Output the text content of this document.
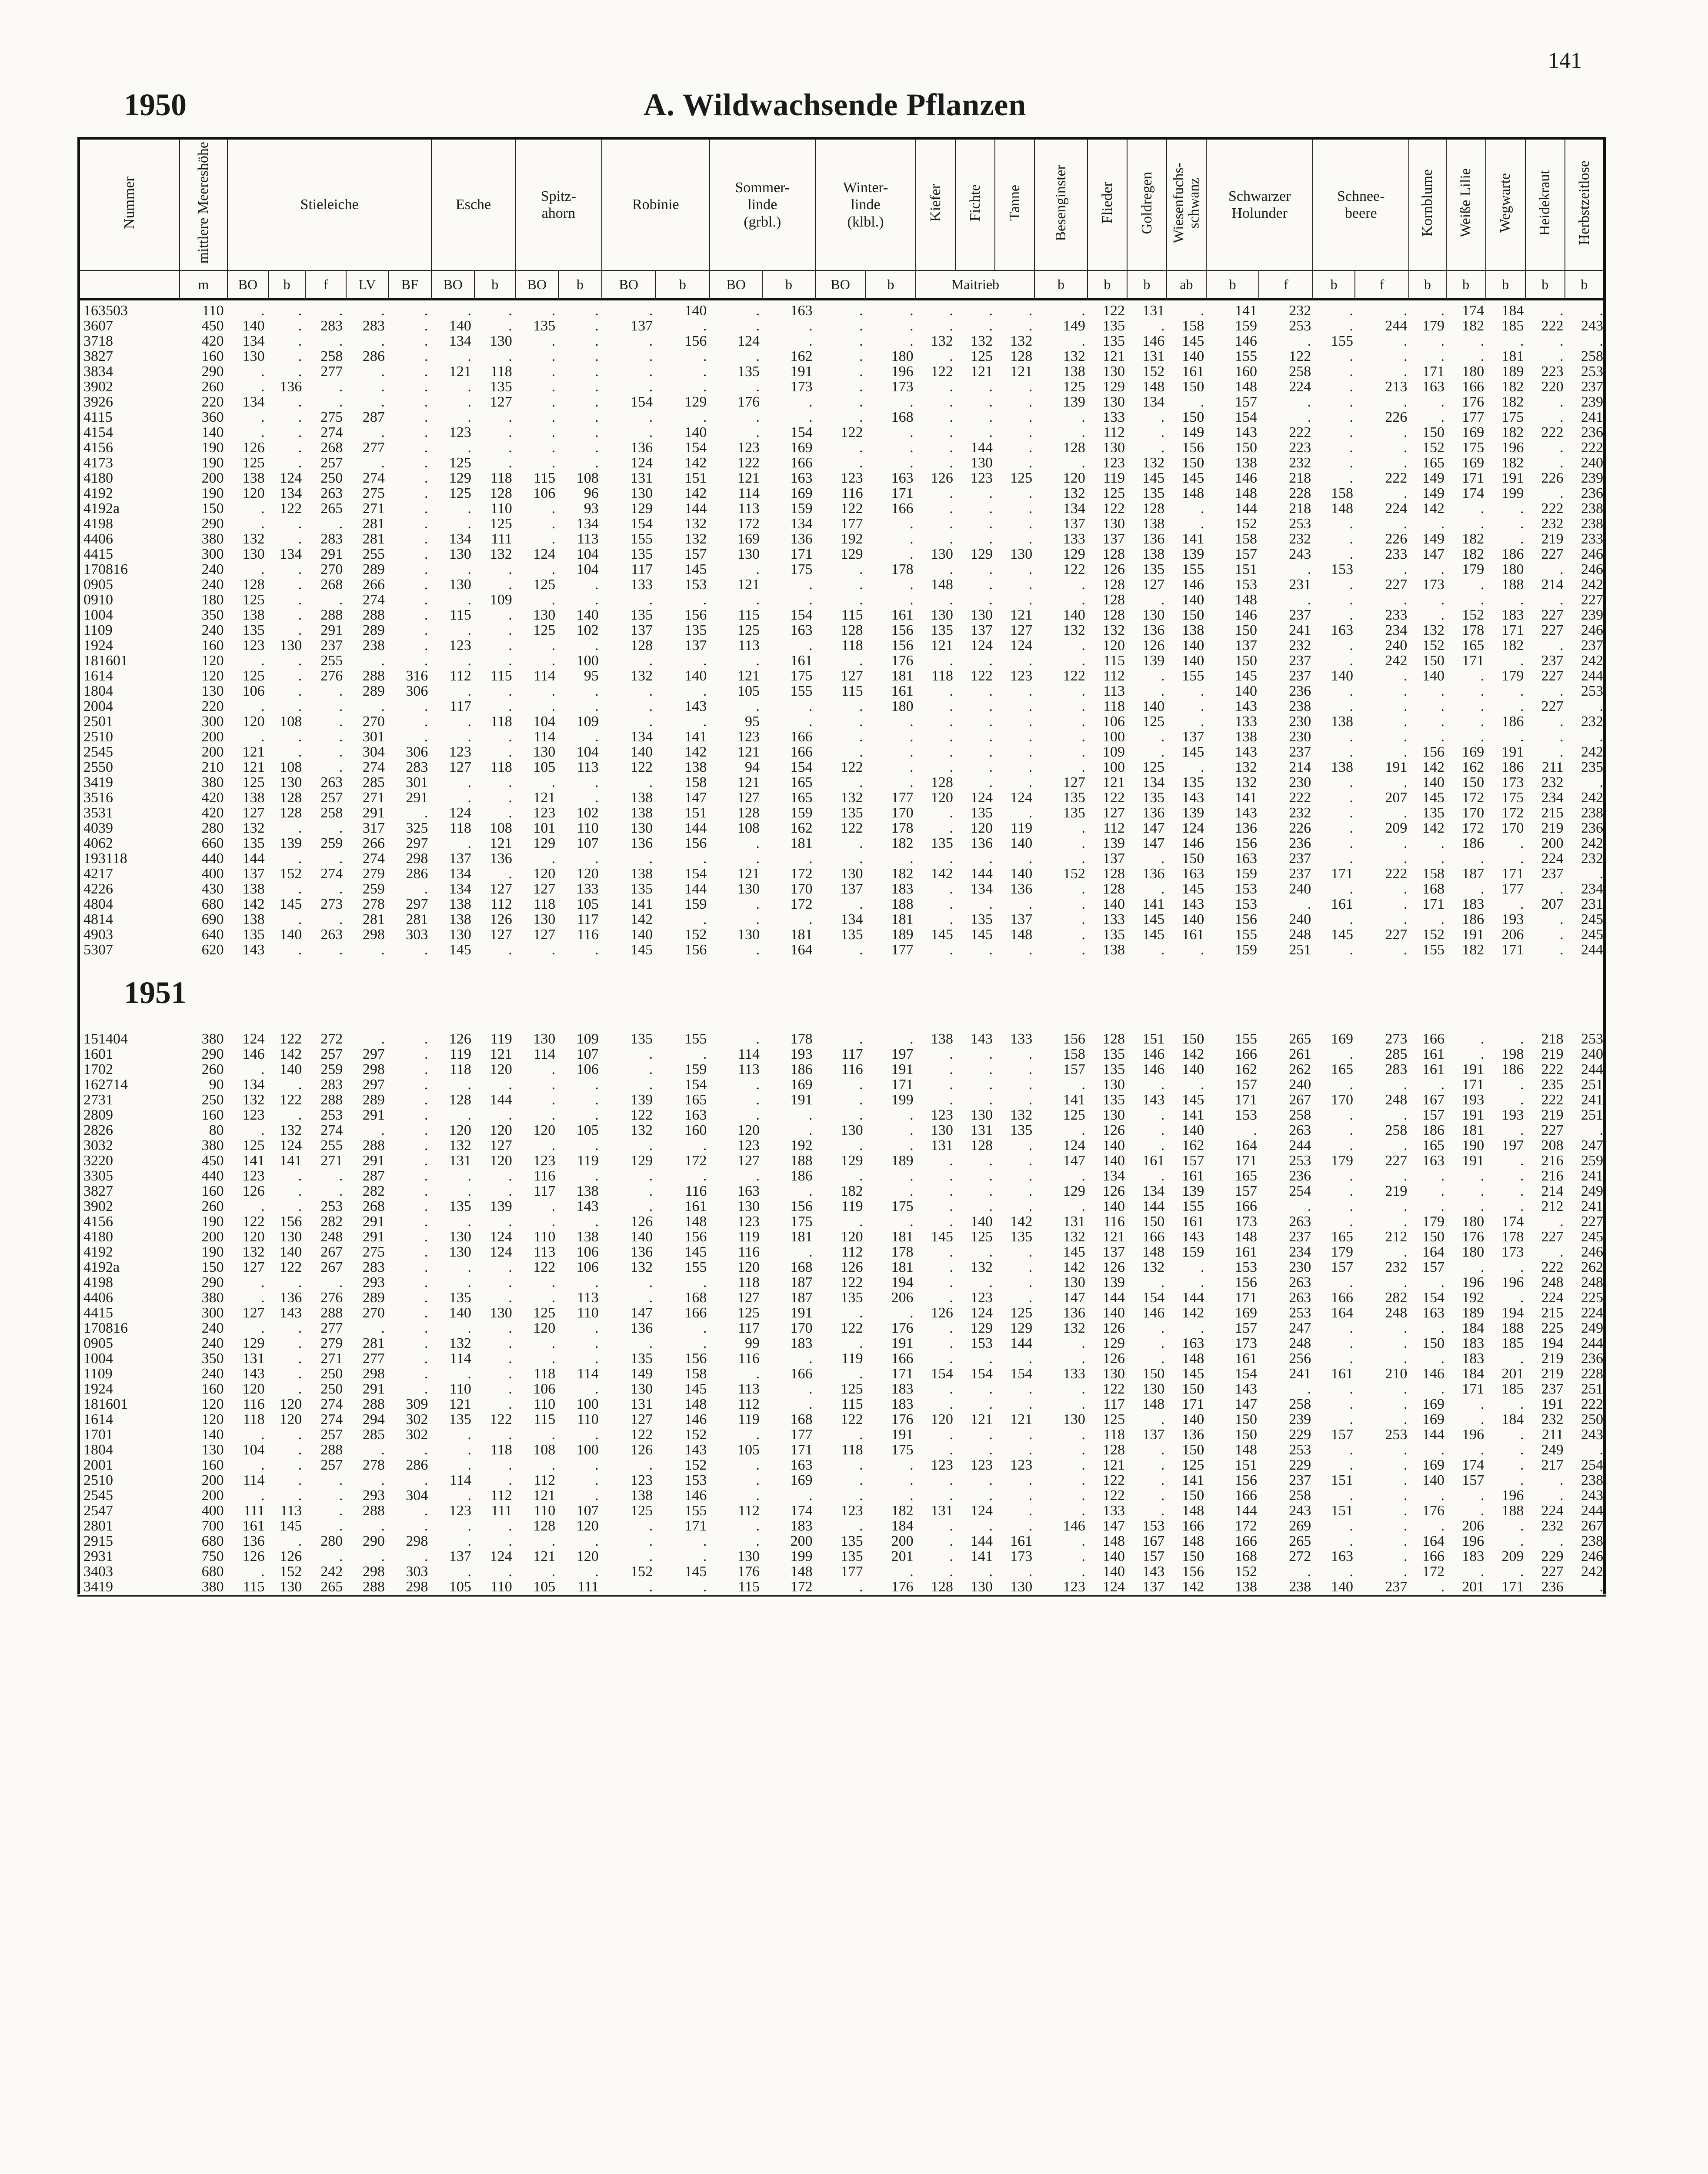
141
1950	A. Wildwachsende Pflanzen
Nummer	mittlere Meereshöhe	Stieleiche					Esche		Spitz-
ahorn		Robinie		Sommer-
linde
(grbl.)		Winter-
linde
(klbl.)		Kiefer	Fichte	Tanne	Besenginster	Flieder	Goldregen	Wiesenfuchs-
schwanz	Schwarzer
Holunder		Schnee-
beere		Kornblume	Weiße Lilie	Wegwarte	Heidekraut	Herbstzeitlose
	m	BO	b	f	LV	BF	BO	b	BO	b	BO	b	BO	b	BO	b	Maitrieb			b	b	b	ab	b	f	b	f	b	b	b	b	b
163503	110	.	.	.	.	.	.	.	.	.	.	140	.	163	.	.	.	.	.	.	122	131	.	141	232	.	.	.	174	184	.	.
3607	450	140	.	283	283	.	140	.	135	.	137	.	.	.	.	.	.	.	.	149	135	.	158	159	253	.	244	179	182	185	222	243
3718	420	134	.	.	.	.	134	130	.	.	.	156	124	.	.	.	132	132	132	.	135	146	145	146	.	155	.	.	.	.	.	.
3827	160	130	.	258	286	.	.	.	.	.	.	.	.	162	.	180	.	125	128	132	121	131	140	155	122	.	.	.	.	181	.	258
3834	290	.	.	277	.	.	121	118	.	.	.	.	135	191	.	196	122	121	121	138	130	152	161	160	258	.	.	171	180	189	223	253
3902	260	.	136	.	.	.	.	135	.	.	.	.	.	173	.	173	.	.	.	125	129	148	150	148	224	.	213	163	166	182	220	237
3926	220	134	.	.	.	.	.	127	.	.	154	129	176	.	.	.	.	.	.	139	130	134	.	157	.	.	.	.	176	182	.	239
4115	360	.	.	275	287	.	.	.	.	.	.	.	.	.	.	168	.	.	.	.	133	.	150	154	.	.	226	.	177	175	.	241
4154	140	.	.	274	.	.	123	.	.	.	.	140	.	154	122	.	.	.	.	.	112	.	149	143	222	.	.	150	169	182	222	236
4156	190	126	.	268	277	.	.	.	.	.	136	154	123	169	.	.	.	144	.	128	130	.	156	150	223	.	.	152	175	196	.	222
4173	190	125	.	257	.	.	125	.	.	.	124	142	122	166	.	.	.	130	.	.	123	132	150	138	232	.	.	165	169	182	.	240
4180	200	138	124	250	274	.	129	118	115	108	131	151	121	163	123	163	126	123	125	120	119	145	145	146	218	.	222	149	171	191	226	239
4192	190	120	134	263	275	.	125	128	106	96	130	142	114	169	116	171	.	.	.	132	125	135	148	148	228	158	.	149	174	199	.	236
4192a	150	.	122	265	271	.	.	110	.	93	129	144	113	159	122	166	.	.	.	134	122	128	.	144	218	148	224	142	.	.	222	238
4198	290	.	.	.	281	.	.	125	.	134	154	132	172	134	177	.	.	.	.	137	130	138	.	152	253	.	.	.	.	.	232	238
4406	380	132	.	283	281	.	134	111	.	113	155	132	169	136	192	.	.	.	.	133	137	136	141	158	232	.	226	149	182	.	219	233
4415	300	130	134	291	255	.	130	132	124	104	135	157	130	171	129	.	130	129	130	129	128	138	139	157	243	.	233	147	182	186	227	246
170816	240	.	.	270	289	.	.	.	.	104	117	145	.	175	.	178	.	.	.	122	126	135	155	151	.	153	.	.	179	180	.	246
0905	240	128	.	268	266	.	130	.	125	.	133	153	121	.	.	.	148	.	.	.	128	127	146	153	231	.	227	173	.	188	214	242
0910	180	125	.	.	274	.	.	109	.	.	.	.	.	.	.	.	.	.	.	.	128	.	140	148	.	.	.	.	.	.	.	227
1004	350	138	.	288	288	.	115	.	130	140	135	156	115	154	115	161	130	130	121	140	128	130	150	146	237	.	233	.	152	183	227	239
1109	240	135	.	291	289	.	.	.	125	102	137	135	125	163	128	156	135	137	127	132	132	136	138	150	241	163	234	132	178	171	227	246
1924	160	123	130	237	238	.	123	.	.	.	128	137	113	.	118	156	121	124	124	.	120	126	140	137	232	.	240	152	165	182	.	237
181601	120	.	.	255	.	.	.	.	.	100	.	.	.	161	.	176	.	.	.	.	115	139	140	150	237	.	242	150	171	.	237	242
1614	120	125	.	276	288	316	112	115	114	95	132	140	121	175	127	181	118	122	123	122	112	.	155	145	237	140	.	140	.	179	227	244
1804	130	106	.	.	289	306	.	.	.	.	.	.	105	155	115	161	.	.	.	.	113	.	.	140	236	.	.	.	.	.	.	253
2004	220	.	.	.	.	.	117	.	.	.	.	143	.	.	.	180	.	.	.	.	118	140	.	143	238	.	.	.	.	.	227	.
2501	300	120	108	.	270	.	.	118	104	109	.	.	95	.	.	.	.	.	.	.	106	125	.	133	230	138	.	.	.	186	.	232
2510	200	.	.	.	301	.	.	.	114	.	134	141	123	166	.	.	.	.	.	.	100	.	137	138	230	.	.	.	.	.	.	.
2545	200	121	.	.	304	306	123	.	130	104	140	142	121	166	.	.	.	.	.	.	109	.	145	143	237	.	.	156	169	191	.	242
2550	210	121	108	.	274	283	127	118	105	113	122	138	94	154	122	.	.	.	.	.	100	125	.	132	214	138	191	142	162	186	211	235
3419	380	125	130	263	285	301	.	.	.	.	.	158	121	165	.	.	128	.	.	127	121	134	135	132	230	.	.	140	150	173	232	.
3516	420	138	128	257	271	291	.	.	121	.	138	147	127	165	132	177	120	124	124	135	122	135	143	141	222	.	207	145	172	175	234	242
3531	420	127	128	258	291	.	124	.	123	102	138	151	128	159	135	170	.	135	.	135	127	136	139	143	232	.	.	135	170	172	215	238
4039	280	132	.	.	317	325	118	108	101	110	130	144	108	162	122	178	.	120	119	.	112	147	124	136	226	.	209	142	172	170	219	236
4062	660	135	139	259	266	297	.	121	129	107	136	156	.	181	.	182	135	136	140	.	139	147	146	156	236	.	.	.	186	.	200	242
193118	440	144	.	.	274	298	137	136	.	.	.	.	.	.	.	.	.	.	.	.	137	.	150	163	237	.	.	.	.	.	224	232
4217	400	137	152	274	279	286	134	.	120	120	138	154	121	172	130	182	142	144	140	152	128	136	163	159	237	171	222	158	187	171	237	.
4226	430	138	.	.	259	.	134	127	127	133	135	144	130	170	137	183	.	134	136	.	128	.	145	153	240	.	.	168	.	177	.	234
4804	680	142	145	273	278	297	138	112	118	105	141	159	.	172	.	188	.	.	.	.	140	141	143	153	.	161	.	171	183	.	207	231
4814	690	138	.	.	281	281	138	126	130	117	142	.	.	.	134	181	.	135	137	.	133	145	140	156	240	.	.	.	186	193	.	245
4903	640	135	140	263	298	303	130	127	127	116	140	152	130	181	135	189	145	145	148	.	135	145	161	155	248	145	227	152	191	206	.	245
5307	620	143	.	.	.	.	145	.	.	.	145	156	.	164	.	177	.	.	.	.	138	.	.	159	251	.	.	155	182	171	.	244
1951
151404	380	124	122	272	.	.	126	119	130	109	135	155	.	178	.	.	138	143	133	156	128	151	150	155	265	169	273	166	.	.	218	253
1601	290	146	142	257	297	.	119	121	114	107	.	.	114	193	117	197	.	.	.	158	135	146	142	166	261	.	285	161	.	198	219	240
1702	260	.	140	259	298	.	118	120	.	106	.	159	113	186	116	191	.	.	.	157	135	146	140	162	262	165	283	161	191	186	222	244
162714	90	134	.	283	297	.	.	.	.	.	.	154	.	169	.	171	.	.	.	.	130	.	.	157	240	.	.	.	171	.	235	251
2731	250	132	122	288	289	.	128	144	.	.	139	165	.	191	.	199	.	.	.	141	135	143	145	171	267	170	248	167	193	.	222	241
2809	160	123	.	253	291	.	.	.	.	.	122	163	.	.	.	.	123	130	132	125	130	.	141	153	258	.	.	157	191	193	219	251
2826	80	.	132	274	.	.	120	120	120	105	132	160	120	.	130	.	130	131	135	.	126	.	140	.	263	.	258	186	181	.	227	.
3032	380	125	124	255	288	.	132	127	.	.	.	.	123	192	.	.	131	128	.	124	140	.	162	164	244	.	.	165	190	197	208	247
3220	450	141	141	271	291	.	131	120	123	119	129	172	127	188	129	189	.	.	.	147	140	161	157	171	253	179	227	163	191	.	216	259
3305	440	123	.	.	287	.	.	.	116	.	.	.	.	186	.	.	.	.	.	.	134	.	161	165	236	.	.	.	.	.	216	241
3827	160	126	.	.	282	.	.	.	117	138	.	116	163	.	182	.	.	.	.	129	126	134	139	157	254	.	219	.	.	.	214	249
3902	260	.	.	253	268	.	135	139	.	143	.	161	130	156	119	175	.	.	.	.	140	144	155	166	.	.	.	.	.	.	212	241
4156	190	122	156	282	291	.	.	.	.	.	126	148	123	175	.	.	.	140	142	131	116	150	161	173	263	.	.	179	180	174	.	227
4180	200	120	130	248	291	.	130	124	110	138	140	156	119	181	120	181	145	125	135	132	121	166	143	148	237	165	212	150	176	178	227	245
4192	190	132	140	267	275	.	130	124	113	106	136	145	116	.	112	178	.	.	.	145	137	148	159	161	234	179	.	164	180	173	.	246
4192a	150	127	122	267	283	.	.	.	122	106	132	155	120	168	126	181	.	132	.	142	126	132	.	153	230	157	232	157	.	.	222	262
4198	290	.	.	.	293	.	.	.	.	.	.	.	118	187	122	194	.	.	.	130	139	.	.	156	263	.	.	.	196	196	248	248
4406	380	.	136	276	289	.	135	.	.	113	.	168	127	187	135	206	.	123	.	147	144	154	144	171	263	166	282	154	192	.	224	225
4415	300	127	143	288	270	.	140	130	125	110	147	166	125	191	.	.	126	124	125	136	140	146	142	169	253	164	248	163	189	194	215	224
170816	240	.	.	277	.	.	.	.	120	.	136	.	117	170	122	176	.	129	129	132	126	.	.	157	247	.	.	.	184	188	225	249
0905	240	129	.	279	281	.	132	.	.	.	.	.	99	183	.	191	.	153	144	.	129	.	163	173	248	.	.	150	183	185	194	244
1004	350	131	.	271	277	.	114	.	.	.	135	156	116	.	119	166	.	.	.	.	126	.	148	161	256	.	.	.	183	.	219	236
1109	240	143	.	250	298	.	.	.	118	114	149	158	.	166	.	171	154	154	154	133	130	150	145	154	241	161	210	146	184	201	219	228
1924	160	120	.	250	291	.	110	.	106	.	130	145	113	.	125	183	.	.	.	.	122	130	150	143	.	.	.	.	171	185	237	251
181601	120	116	120	274	288	309	121	.	110	100	131	148	112	.	115	183	.	.	.	.	117	148	171	147	258	.	.	169	.	.	191	222
1614	120	118	120	274	294	302	135	122	115	110	127	146	119	168	122	176	120	121	121	130	125	.	140	150	239	.	.	169	.	184	232	250
1701	140	.	.	257	285	302	.	.	.	.	122	152	.	177	.	191	.	.	.	.	118	137	136	150	229	157	253	144	196	.	211	243
1804	130	104	.	288	.	.	.	118	108	100	126	143	105	171	118	175	.	.	.	.	128	.	150	148	253	.	.	.	.	.	249	.
2001	160	.	.	257	278	286	.	.	.	.	.	152	.	163	.	.	123	123	123	.	121	.	125	151	229	.	.	169	174	.	217	254
2510	200	114	.	.	.	.	114	.	112	.	123	153	.	169	.	.	.	.	.	.	122	.	141	156	237	151	.	140	157	.	.	238
2545	200	.	.	.	293	304	.	112	121	.	138	146	.	.	.	.	.	.	.	.	122	.	150	166	258	.	.	.	.	196	.	243
2547	400	111	113	.	288	.	123	111	110	107	125	155	112	174	123	182	131	124	.	.	133	.	148	144	243	151	.	176	.	188	224	244
2801	700	161	145	.	.	.	.	.	128	120	.	171	.	183	.	184	.	.	.	146	147	153	166	172	269	.	.	.	206	.	232	267
2915	680	136	.	280	290	298	.	.	.	.	.	.	.	200	135	200	.	144	161	.	148	167	148	166	265	.	.	164	196	.	.	238
2931	750	126	126	.	.	.	137	124	121	120	.	.	130	199	135	201	.	141	173	.	140	157	150	168	272	163	.	166	183	209	229	246
3403	680	.	152	242	298	303	.	.	.	.	152	145	176	148	177	.	.	.	.	.	140	143	156	152	.	.	.	172	.	.	227	242
3419	380	115	130	265	288	298	105	110	105	111	.	.	115	172	.	176	128	130	130	123	124	137	142	138	238	140	237	.	201	171	236	.
